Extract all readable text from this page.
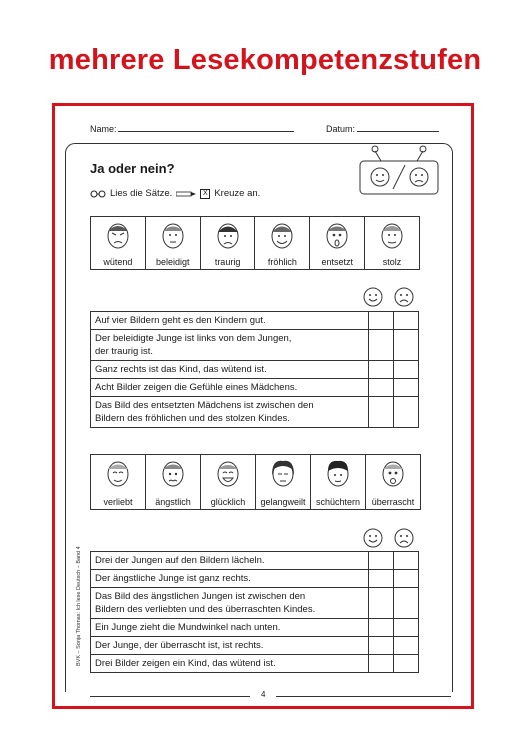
mehrere Lesekompetenzstufen
Name:	Datum:
Ja oder nein?
Lies die Sätze.	X Kreuze an.
wütend	beleidigt	traurig	fröhlich	entsetzt	stolz
Auf vier Bildern geht es den Kindern gut.		
Der beleidigte Junge ist links von dem Jungen,
der traurig ist.		
Ganz rechts ist das Kind, das wütend ist.		
Acht Bilder zeigen die Gefühle eines Mädchens.		
Das Bild des entsetzten Mädchens ist zwischen den
Bildern des fröhlichen und des stolzen Kindes.		
verliebt	ängstlich	glücklich	gelangweilt	schüchtern	überrascht
Drei der Jungen auf den Bildern lächeln.		
Der ängstliche Junge ist ganz rechts.		
Das Bild des ängstlichen Jungen ist zwischen den
Bildern des verliebten und des überraschten Kindes.		
Ein Junge zieht die Mundwinkel nach unten.		
Der Junge, der überrascht ist, ist rechts.		
Drei Bilder zeigen ein Kind, das wütend ist.		
4
BVK – Sonja Thomas: Ich lese Deutsch – Band 4
